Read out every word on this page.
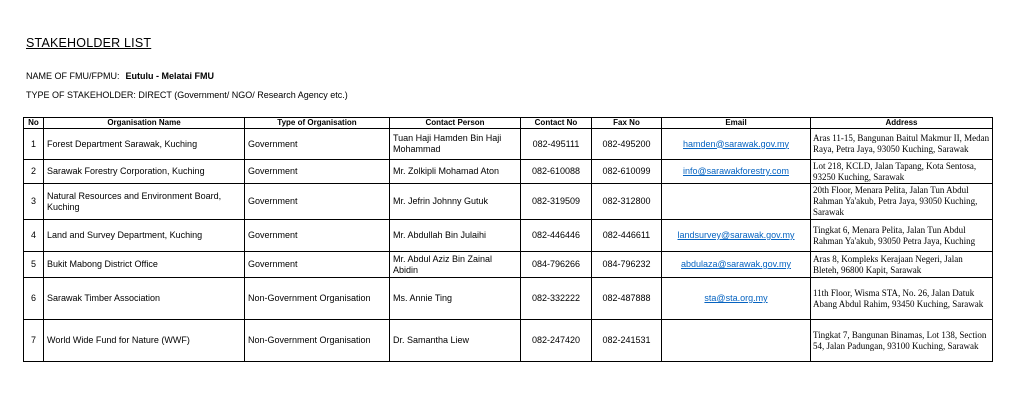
STAKEHOLDER LIST
NAME OF FMU/FPMU: Eutulu - Melatai FMU
TYPE OF STAKEHOLDER: DIRECT (Government/ NGO/ Research Agency etc.)
No	Organisation Name	Type of Organisation	Contact Person	Contact No	Fax No	Email	Address
1	Forest Department Sarawak, Kuching	Government	Tuan Haji Hamden Bin Haji Mohammad	082-495111	082-495200	hamden@sarawak.gov.my	Aras 11-15, Bangunan Baitul Makmur II, Medan Raya, Petra Jaya, 93050 Kuching, Sarawak
2	Sarawak Forestry Corporation, Kuching	Government	Mr. Zolkipli Mohamad Aton	082-610088	082-610099	info@sarawakforestry.com	Lot 218, KCLD, Jalan Tapang, Kota Sentosa, 93250 Kuching, Sarawak
3	Natural Resources and Environment Board, Kuching	Government	Mr. Jefrin Johnny Gutuk	082-319509	082-312800		20th Floor, Menara Pelita, Jalan Tun Abdul Rahman Ya'akub, Petra Jaya, 93050 Kuching, Sarawak
4	Land and Survey Department, Kuching	Government	Mr. Abdullah Bin Julaihi	082-446446	082-446611	landsurvey@sarawak.gov.my	Tingkat 6, Menara Pelita, Jalan Tun Abdul Rahman Ya'akub, 93050 Petra Jaya, Kuching
5	Bukit Mabong District Office	Government	Mr. Abdul Aziz Bin Zainal Abidin	084-796266	084-796232	abdulaza@sarawak.gov.my	Aras 8, Kompleks Kerajaan Negeri, Jalan Bleteh, 96800 Kapit, Sarawak
6	Sarawak Timber Association	Non-Government Organisation	Ms. Annie Ting	082-332222	082-487888	sta@sta.org.my	11th Floor, Wisma STA, No. 26, Jalan Datuk Abang Abdul Rahim, 93450 Kuching, Sarawak
7	World Wide Fund for Nature (WWF)	Non-Government Organisation	Dr. Samantha Liew	082-247420	082-241531		Tingkat 7, Bangunan Binamas, Lot 138, Section 54, Jalan Padungan, 93100 Kuching, Sarawak
